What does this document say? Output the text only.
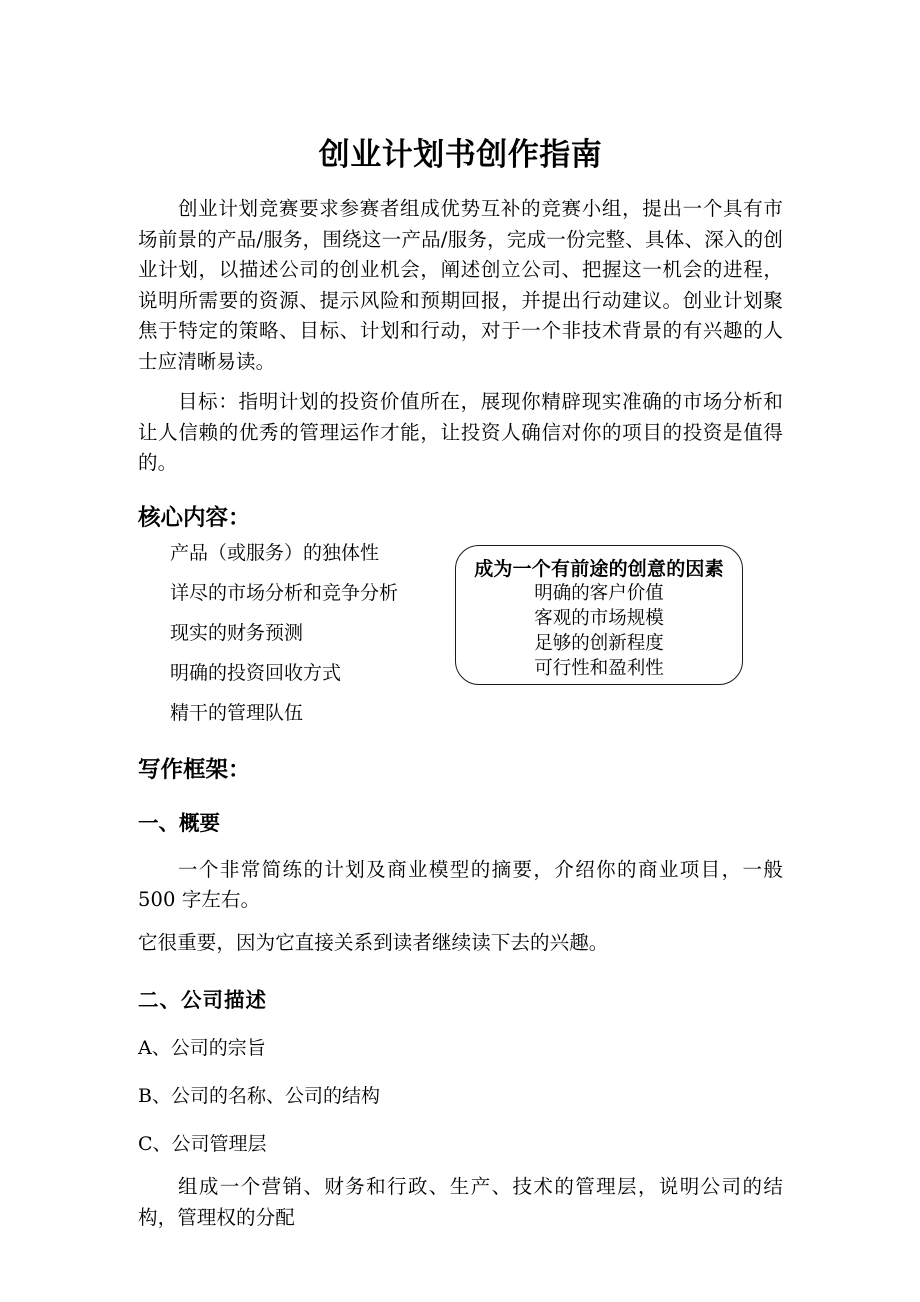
创业计划书创作指南

创业计划竞赛要求参赛者组成优势互补的竞赛小组，提出一个具有市场前景的产品/服务，围绕这一产品/服务，完成一份完整、具体、深入的创业计划，以描述公司的创业机会，阐述创立公司、把握这一机会的进程，说明所需要的资源、提示风险和预期回报，并提出行动建议。创业计划聚焦于特定的策略、目标、计划和行动，对于一个非技术背景的有兴趣的人士应清晰易读。

目标：指明计划的投资价值所在，展现你精辟现实准确的市场分析和让人信赖的优秀的管理运作才能，让投资人确信对你的项目的投资是值得的。

核心内容：
产品（或服务）的独体性
详尽的市场分析和竞争分析
现实的财务预测
明确的投资回收方式
精干的管理队伍
成为一个有前途的创意的因素
明确的客户价值
客观的市场规模
足够的创新程度
可行性和盈利性
写作框架：
一、概要

一个非常简练的计划及商业模型的摘要，介绍你的商业项目，一般 500 字左右。

它很重要，因为它直接关系到读者继续读下去的兴趣。

二、公司描述

A、公司的宗旨

B、公司的名称、公司的结构

C、公司管理层

组成一个营销、财务和行政、生产、技术的管理层，说明公司的结构，管理权的分配
